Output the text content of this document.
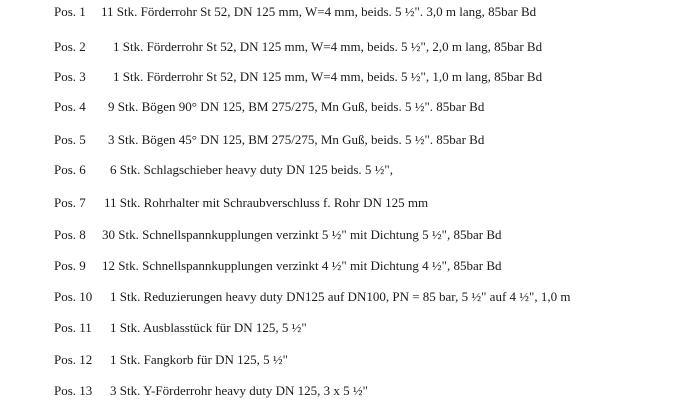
Pos. 1 11 Stk. Förderrohr St 52, DN 125 mm, W=4 mm, beids. 5 ½". 3,0 m lang, 85bar Bd
Pos. 2 1 Stk. Förderrohr St 52, DN 125 mm, W=4 mm, beids. 5 ½", 2,0 m lang, 85bar Bd
Pos. 3 1 Stk. Förderrohr St 52, DN 125 mm, W=4 mm, beids. 5 ½", 1,0 m lang, 85bar Bd
Pos. 4 9 Stk. Bögen 90° DN 125, BM 275/275, Mn Guß, beids. 5 ½". 85bar Bd
Pos. 5 3 Stk. Bögen 45° DN 125, BM 275/275, Mn Guß, beids. 5 ½". 85bar Bd
Pos. 6 6 Stk. Schlagschieber heavy duty DN 125 beids. 5 ½",
Pos. 7 11 Stk. Rohrhalter mit Schraubverschluss f. Rohr DN 125 mm
Pos. 8 30 Stk. Schnellspannkupplungen verzinkt 5 ½" mit Dichtung 5 ½", 85bar Bd
Pos. 9 12 Stk. Schnellspannkupplungen verzinkt 4 ½" mit Dichtung 4 ½", 85bar Bd
Pos. 10 1 Stk. Reduzierungen heavy duty DN125 auf DN100, PN = 85 bar, 5 ½" auf 4 ½", 1,0 m
Pos. 11 1 Stk. Ausblasstück für DN 125, 5 ½"
Pos. 12 1 Stk. Fangkorb für DN 125, 5 ½"
Pos. 13 3 Stk. Y-Förderrohr heavy duty DN 125, 3 x 5 ½"
